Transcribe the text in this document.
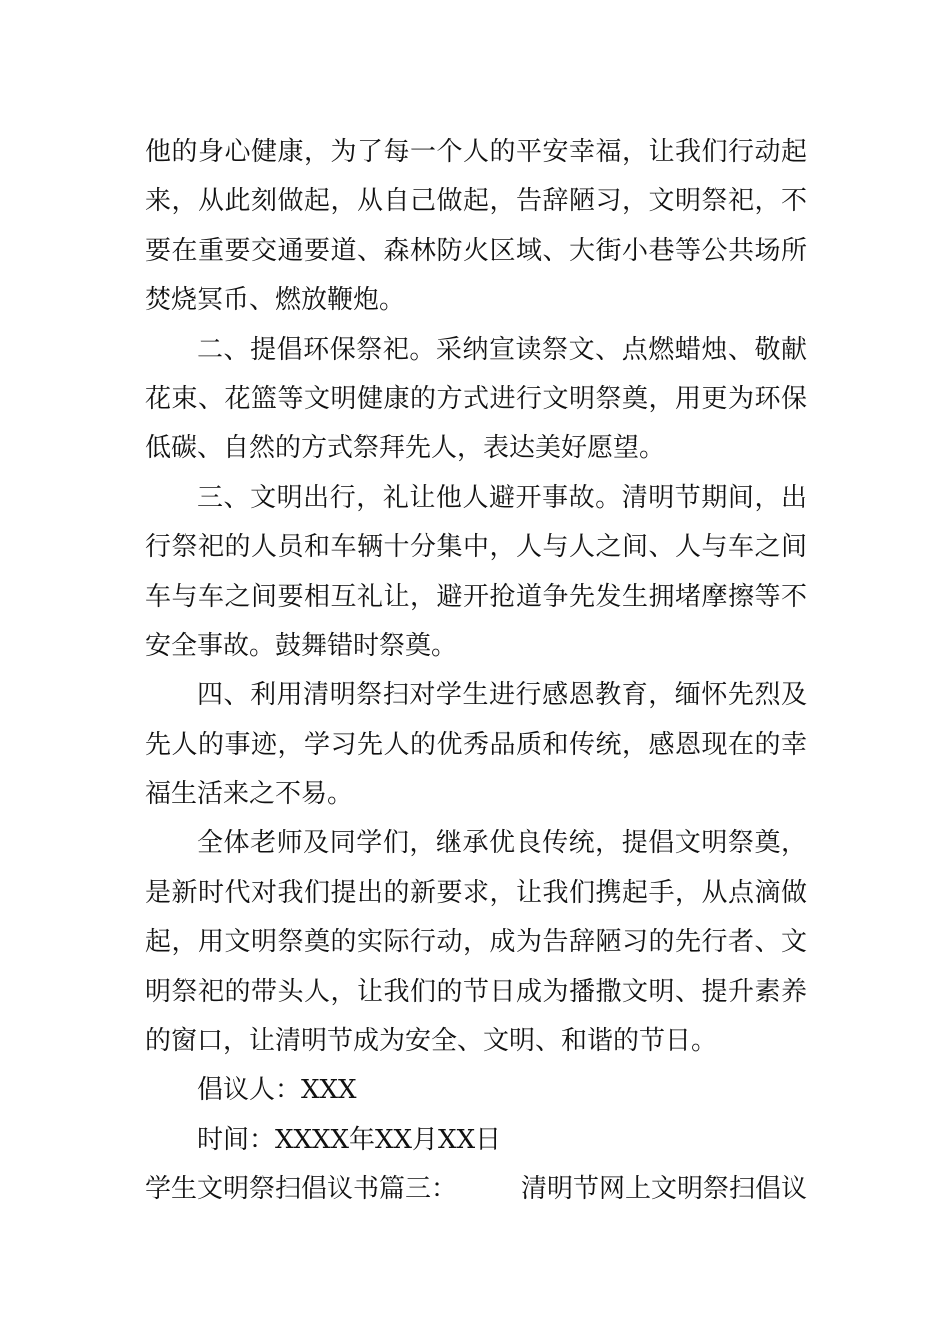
他的身心健康，为了每一个人的平安幸福，让我们行动起
来，从此刻做起，从自己做起，告辞陋习，文明祭祀，不
要在重要交通要道、森林防火区域、大街小巷等公共场所
焚烧冥币、燃放鞭炮。
二、提倡环保祭祀。采纳宣读祭文、点燃蜡烛、敬献
花束、花篮等文明健康的方式进行文明祭奠，用更为环保
低碳、自然的方式祭拜先人，表达美好愿望。
三、文明出行，礼让他人避开事故。清明节期间，出
行祭祀的人员和车辆十分集中，人与人之间、人与车之间
车与车之间要相互礼让，避开抢道争先发生拥堵摩擦等不
安全事故。鼓舞错时祭奠。
四、利用清明祭扫对学生进行感恩教育，缅怀先烈及
先人的事迹，学习先人的优秀品质和传统，感恩现在的幸
福生活来之不易。
全体老师及同学们，继承优良传统，提倡文明祭奠，
是新时代对我们提出的新要求，让我们携起手，从点滴做
起，用文明祭奠的实际行动，成为告辞陋习的先行者、文
明祭祀的带头人，让我们的节日成为播撒文明、提升素养
的窗口，让清明节成为安全、文明、和谐的节日。
倡议人：XXX
时间：XXXX年XX月XX日
学生文明祭扫倡议书篇三： 清明节网上文明祭扫倡议
